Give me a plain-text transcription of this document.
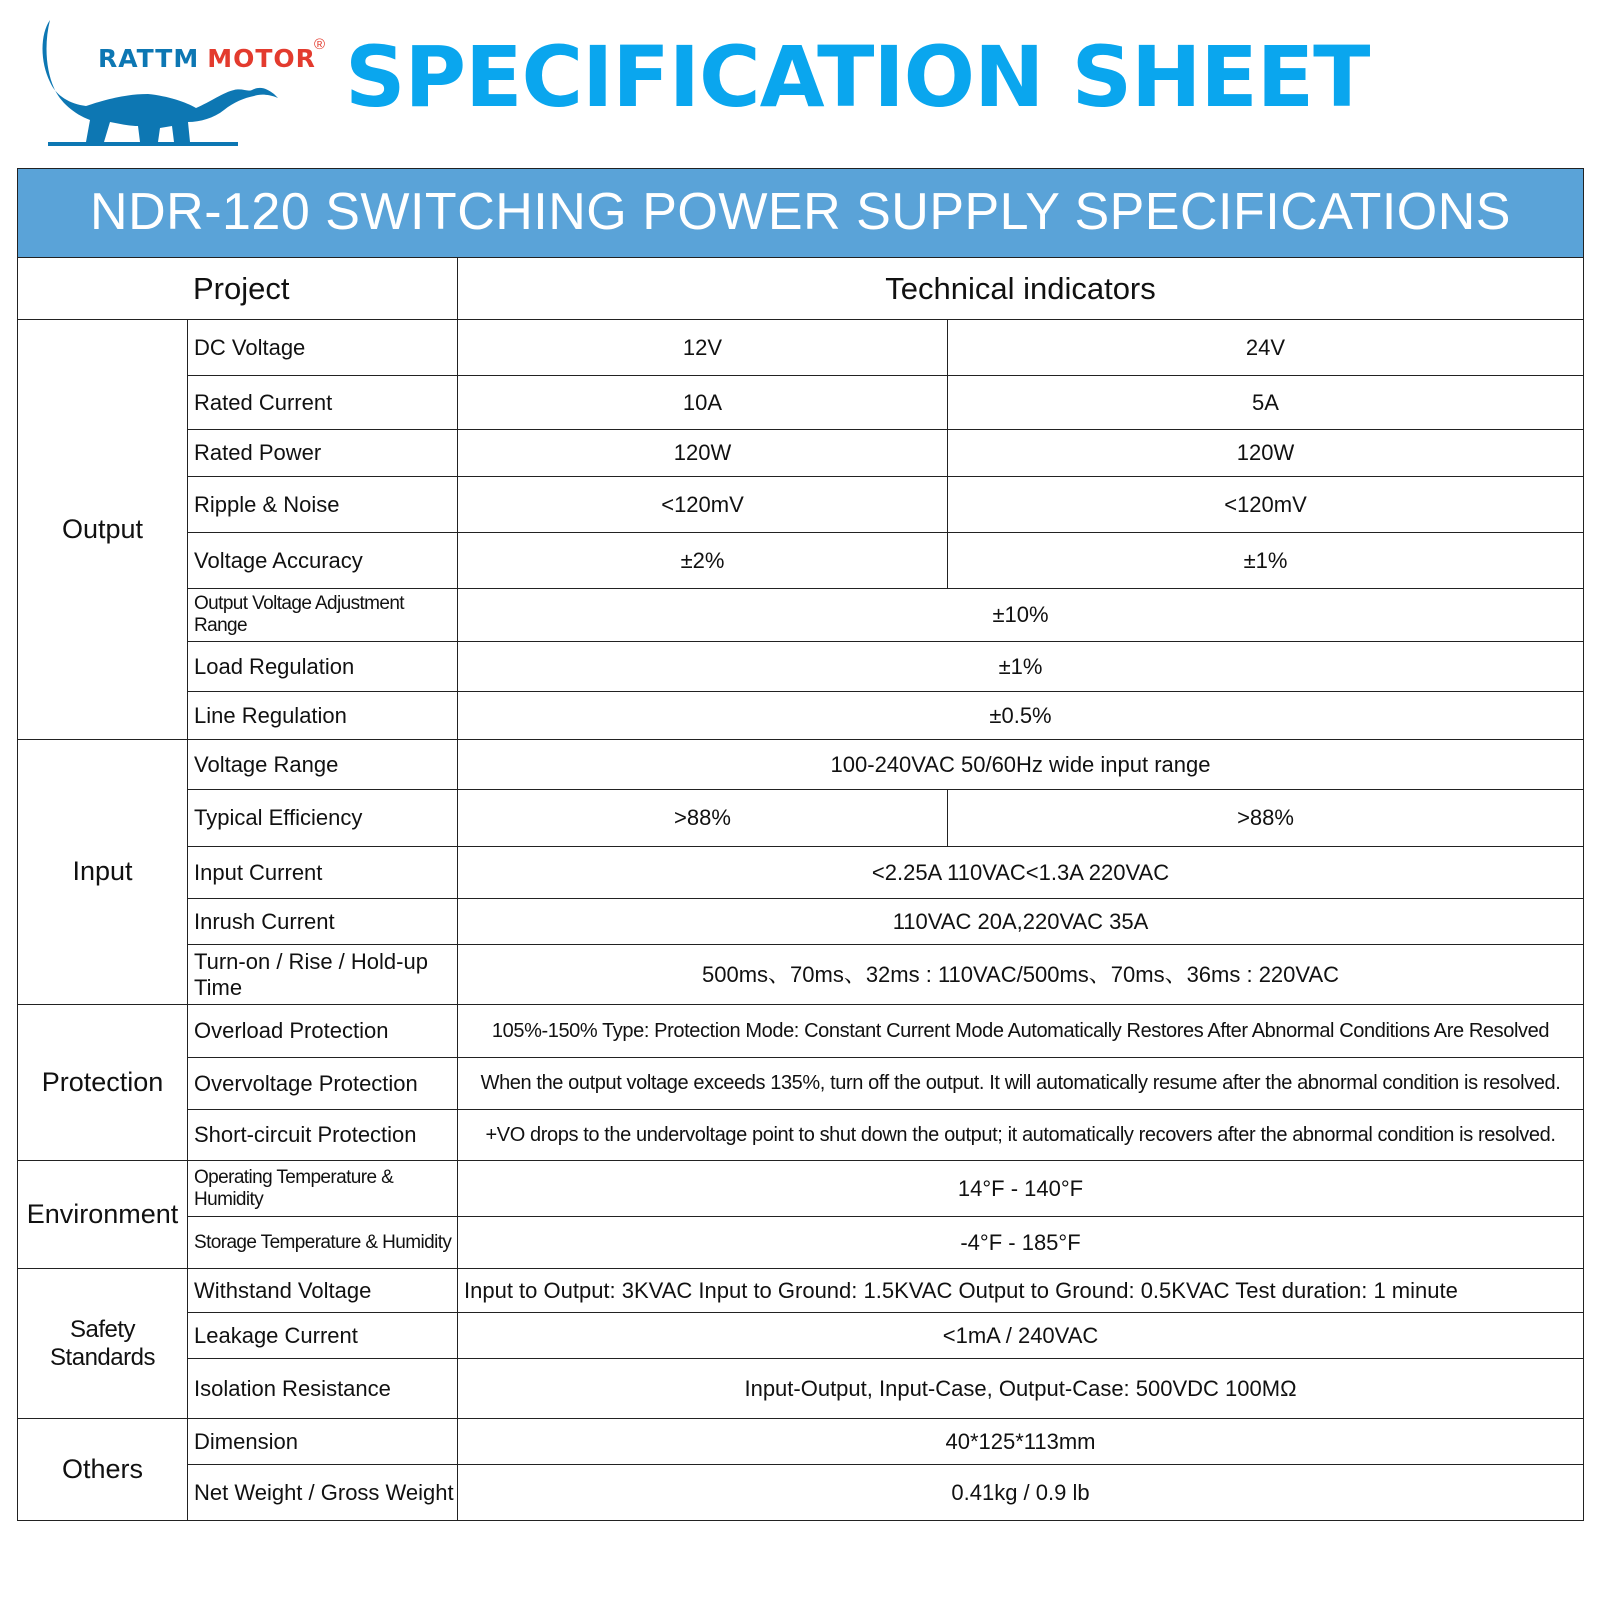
RATTM MOTOR
® SPECIFICATION SHEET
NDR-120 SWITCHING POWER SUPPLY SPECIFICATIONS			
Project		Technical indicators	
Output	DC Voltage	12V	24V
	Rated Current	10A	5A
	Rated Power	120W	120W
	Ripple & Noise	<120mV	<120mV
	Voltage Accuracy	±2%	±1%
	Output Voltage Adjustment Range	±10%	
	Load Regulation	±1%	
	Line Regulation	±0.5%	
Input	Voltage Range	100-240VAC 50/60Hz wide input range	
	Typical Efficiency	>88%	>88%
	Input Current	<2.25A 110VAC<1.3A 220VAC	
	Inrush Current	110VAC 20A,220VAC 35A	
	Turn-on / Rise / Hold-up Time	500ms、70ms、32ms : 110VAC/500ms、70ms、36ms : 220VAC	
Protection	Overload Protection	105%-150% Type: Protection Mode: Constant Current Mode Automatically Restores After Abnormal Conditions Are Resolved	
	Overvoltage Protection	When the output voltage exceeds 135%, turn off the output. It will automatically resume after the abnormal condition is resolved.	
	Short-circuit Protection	+VO drops to the undervoltage point to shut down the output; it automatically recovers after the abnormal condition is resolved.	
Environment	Operating Temperature & Humidity	14°F - 140°F	
	Storage Temperature & Humidity	-4°F - 185°F	
Safety Standards	Withstand Voltage	Input to Output: 3KVAC Input to Ground: 1.5KVAC Output to Ground: 0.5KVAC Test duration: 1 minute	
	Leakage Current	<1mA / 240VAC	
	Isolation Resistance	Input-Output, Input-Case, Output-Case: 500VDC 100MΩ	
Others	Dimension	40*125*113mm	
	Net Weight / Gross Weight	0.41kg / 0.9 lb	
